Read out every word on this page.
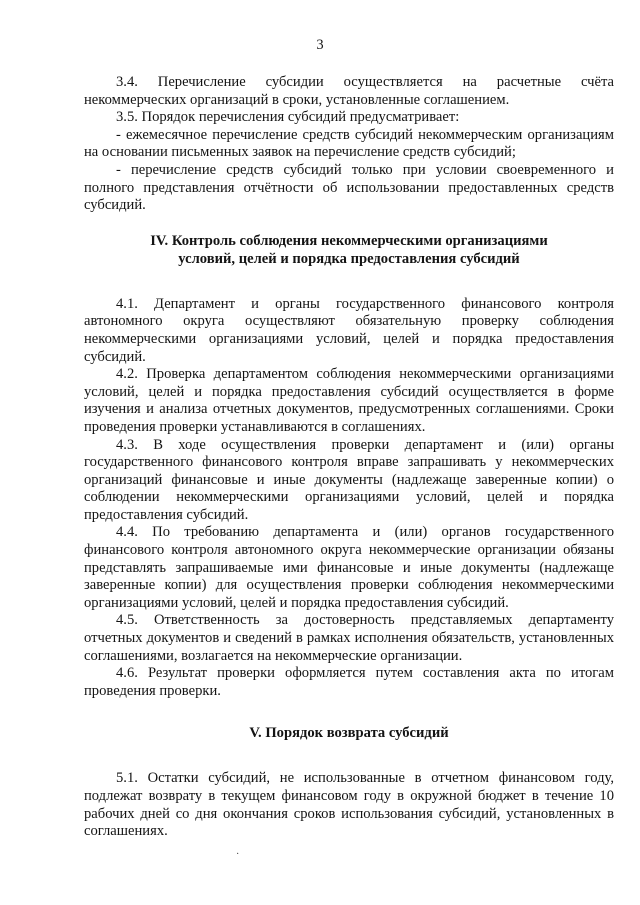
3

3.4. Перечисление субсидии осуществляется на расчетные счёта некоммерческих организаций в сроки, установленные соглашением.

3.5. Порядок перечисления субсидий предусматривает:

- ежемесячное перечисление средств субсидий некоммерческим организациям на основании письменных заявок на перечисление средств субсидий;

- перечисление средств субсидий только при условии своевременного и полного представления отчётности об использовании предоставленных средств субсидий.

IV. Контроль соблюдения некоммерческими организациями
условий, целей и порядка предоставления субсидий

4.1. Департамент и органы государственного финансового контроля автономного округа осуществляют обязательную проверку соблюдения некоммерческими организациями условий, целей и порядка предоставления субсидий.

4.2. Проверка департаментом соблюдения некоммерческими организациями условий, целей и порядка предоставления субсидий осуществляется в форме изучения и анализа отчетных документов, предусмотренных соглашениями. Сроки проведения проверки устанавливаются в соглашениях.

4.3. В ходе осуществления проверки департамент и (или) органы государственного финансового контроля вправе запрашивать у некоммерческих организаций финансовые и иные документы (надлежаще заверенные копии) о соблюдении некоммерческими организациями условий, целей и порядка предоставления субсидий.

4.4. По требованию департамента и (или) органов государственного финансового контроля автономного округа некоммерческие организации обязаны представлять запрашиваемые ими финансовые и иные документы (надлежаще заверенные копии) для осуществления проверки соблюдения некоммерческими организациями условий, целей и порядка предоставления субсидий.

4.5. Ответственность за достоверность представляемых департаменту отчетных документов и сведений в рамках исполнения обязательств, установленных соглашениями, возлагается на некоммерческие организации.

4.6. Результат проверки оформляется путем составления акта по итогам проведения проверки.

V. Порядок возврата субсидий

5.1. Остатки субсидий, не использованные в отчетном финансовом году, подлежат возврату в текущем финансовом году в окружной бюджет в течение 10 рабочих дней со дня окончания сроков использования субсидий, установленных в соглашениях.

·
